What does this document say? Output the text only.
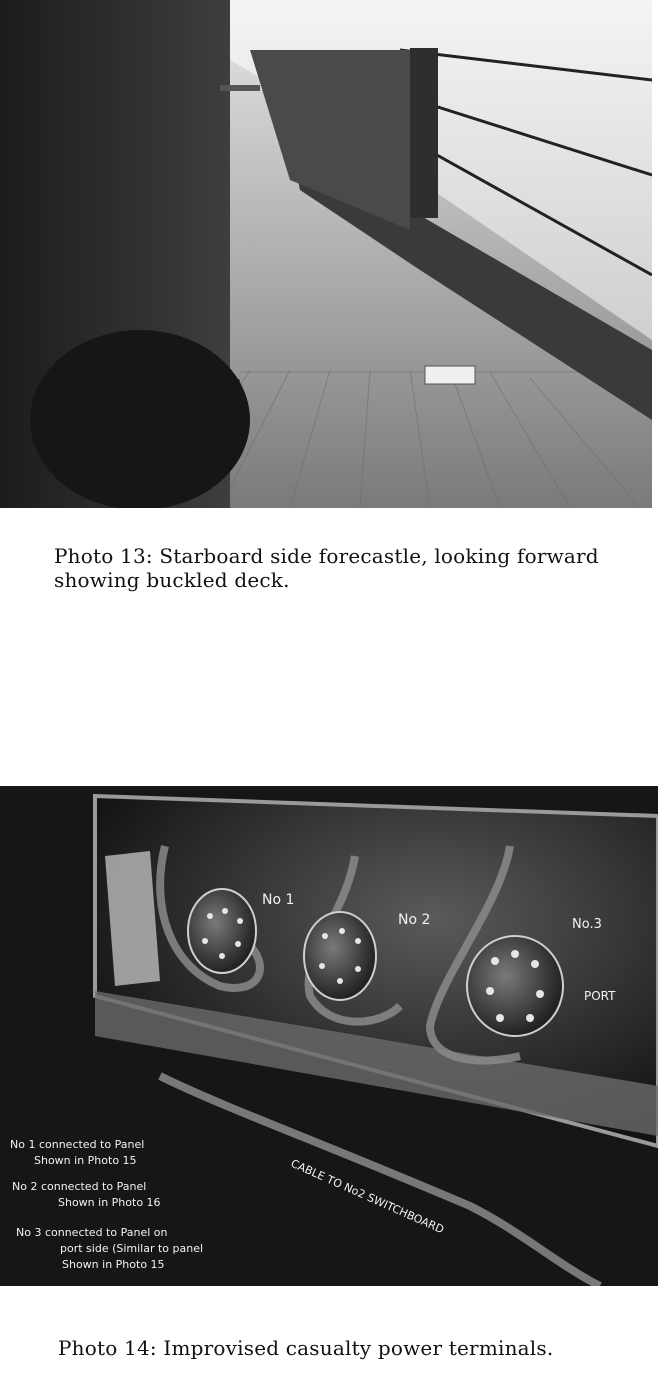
Photo 13: Starboard side forecastle, looking forward showing buckled deck.
No 1
No 2	No.3
PORT
CABLE TO No2 SWITCHBOARD
No 1 connected to Panel
Shown in Photo 15
No 2 connected to Panel
Shown in Photo 16
No 3 connected to Panel on
port side (Similar to panel
Shown in Photo 15
Photo 14: Improvised casualty power terminals.
